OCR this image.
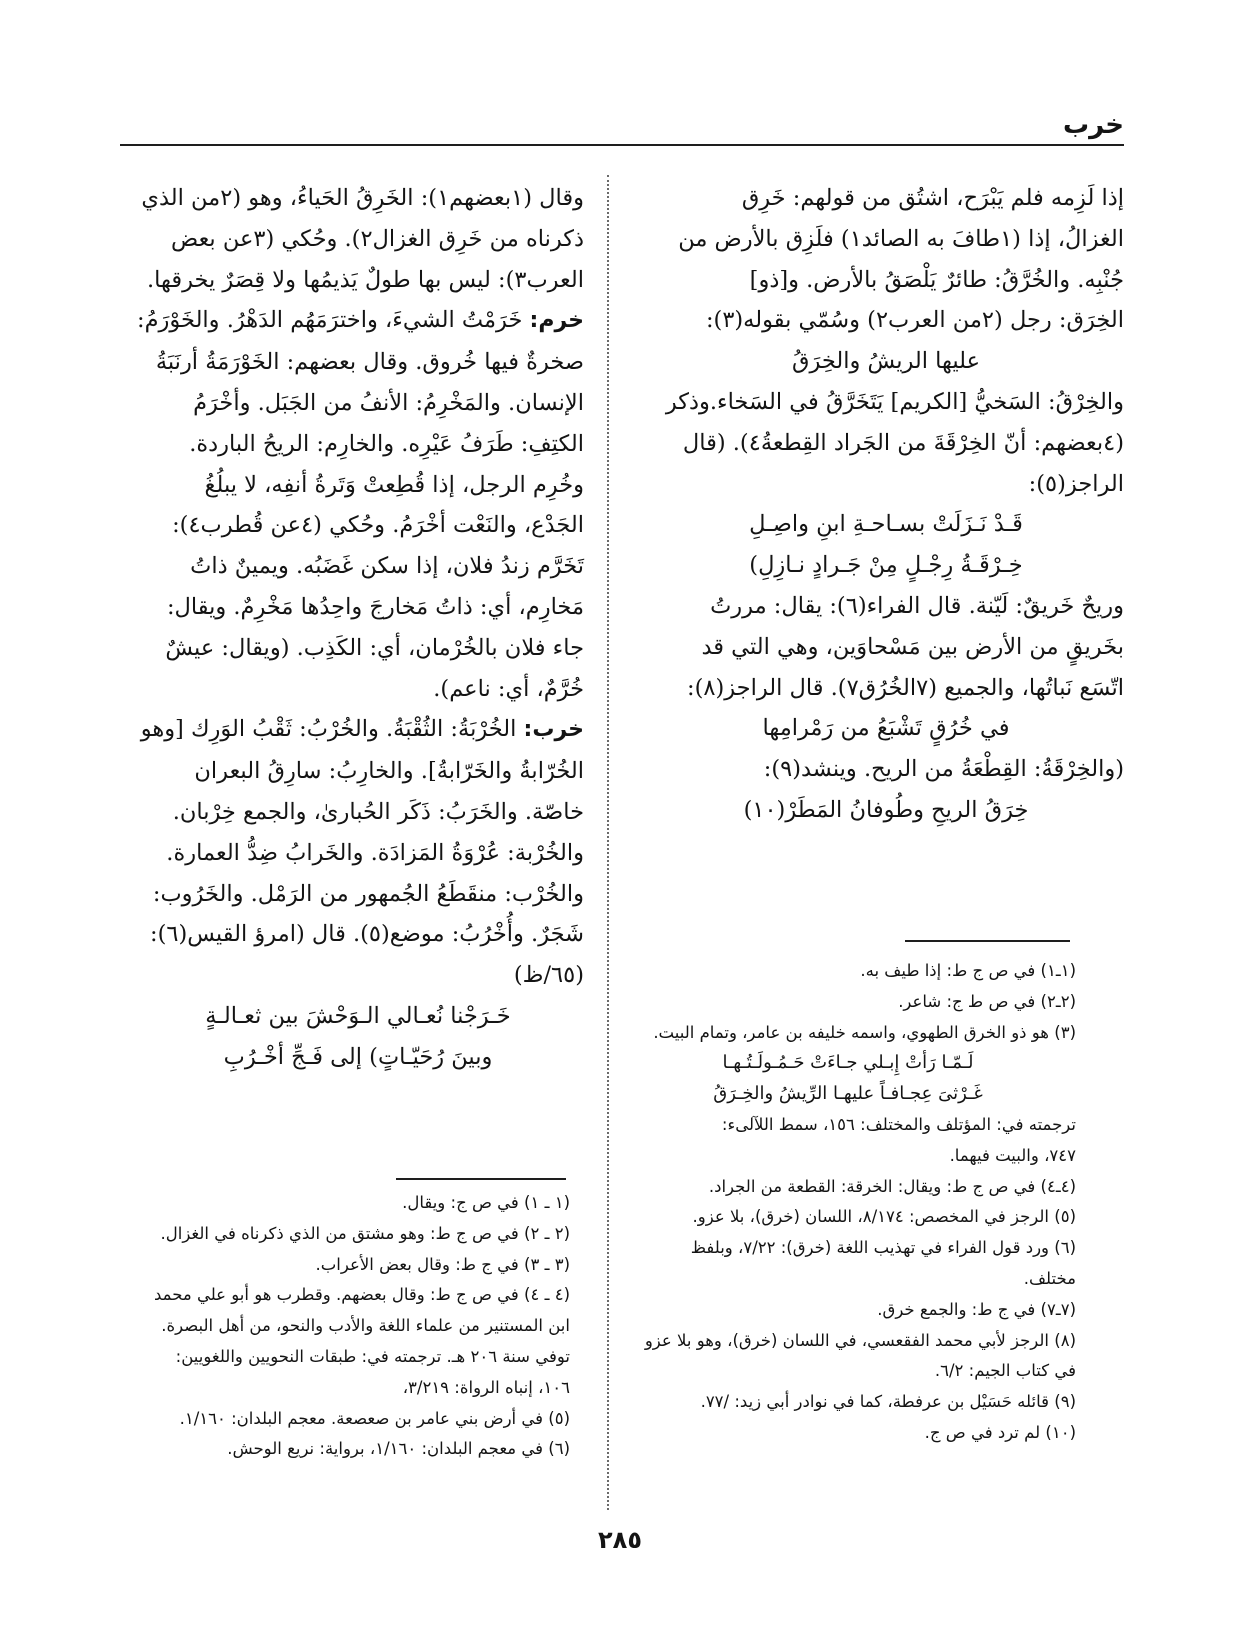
خرب

إذا لَزِمه فلم يَبْرَح، اشتُق من قولهم: خَرِق

الغزالُ، إذا (١طافَ به الصائد١) فلَزِق بالأرض من

جُنْبِه. والخُرَّقُ: طائرٌ يَلْصَقُ بالأرض. و[ذو]

الخِرَق: رجل (٢من العرب٢) وسُمّي بقوله(٣):

عليها الريشُ والخِرَقُ

والخِرْقُ: السَخيُّ [الكريم] يَتَخَرَّقُ في السَخاء.وذكر

(٤بعضهم: أنّ الخِرْقَةَ من الجَراد القِطعةُ٤). (قال

الراجز(٥):

قَـدْ نَـزَلَتْ بسـاحـةِ ابنِ واصِـلِ

خِـرْقَـةُ رِجْـلٍ مِنْ جَـرادٍ نـازِلِ)

وريحٌ خَريقٌ: لَيّنة. قال الفراء(٦): يقال: مررتُ

بخَريقٍ من الأرض بين مَسْحاوَين، وهي التي قد

اتّسَع نَباتُها، والجميع (٧الخُرُق٧). قال الراجز(٨):

في خُرُقٍ تَشْبَعُ من رَمْرامِها

(والخِرْقَةُ: القِطْعَةُ من الريح. وينشد(٩):

خِرَقُ الريحِ وطُوفانُ المَطَرْ(١٠)

(١ـ١) في ص ج ط: إذا طيف به.

(٢ـ٢) في ص ط ج: شاعر.

(٣) هو ذو الخرق الطهوي، واسمه خليفه بن عامر، وتمام البيت.

لَـمّـا رَأتْ إِبـلي جـاءَتْ حَـمُـولَـتُـهـا

غَـرْثىَ عِجـافـاً عليهـا الرِّيشُ والخِـرَقُ

ترجمته في: المؤتلف والمختلف: ١٥٦، سمط اللآلىء:

٧٤٧، والبيت فيهما.

(٤ـ٤) في ص ج ط: ويقال: الخرقة: القطعة من الجراد.

(٥) الرجز في المخصص: ٨/١٧٤، اللسان (خرق)، بلا عزو.

(٦) ورد قول الفراء في تهذيب اللغة (خرق): ٧/٢٢، وبلفظ

مختلف.

(٧ـ٧) في ج ط: والجمع خرق.

(٨) الرجز لأبي محمد الفقعسي، في اللسان (خرق)، وهو بلا عزو

في كتاب الجيم: ٦/٢.

(٩) قائله حَسَيْل بن عرفطة، كما في نوادر أبي زيد: /٧٧.

(١٠) لم ترد في ص ج.

وقال (١بعضهم١): الخَرِقُ الحَياءُ، وهو (٢من الذي

ذكرناه من خَرِق الغزال٢). وحُكي (٣عن بعض

العرب٣): ليس بها طولٌ يَذيمُها ولا قِصَرٌ يخرقها.

خرم: خَرَمْتُ الشيءَ، واخترَمَهُم الدَهْرُ. والخَوْرَمُ:

صخرةٌ فيها خُروق. وقال بعضهم: الخَوْرَمَةُ أرنَبَةُ

الإنسان. والمَخْرِمُ: الأنفُ من الجَبَل. وأخْرَمُ

الكتِفِ: طَرَفُ عَيْرِه. والخارِم: الريحُ الباردة.

وخُرِم الرجل، إذا قُطِعتْ وَتَرةُ أنفِه، لا يبلُغُ

الجَدْع، والنَعْت أخْرَمُ. وحُكي (٤عن قُطرب٤):

تَخَرَّم زندُ فلان، إذا سكن غَضَبُه. ويمينٌ ذاتُ

مَخارِم، أي: ذاتُ مَخارجَ واحِدُها مَخْرِمٌ. ويقال:

جاء فلان بالخُرْمان، أي: الكَذِب. (ويقال: عيشٌ

خُرَّمٌ، أي: ناعم).

خرب: الخُرْبَةُ: الثُقْبَةُ. والخُرْبُ: ثَقْبُ الوَرِك [وهو

الخُرّابةُ والخَرّابةُ]. والخارِبُ: سارِقُ البعران

خاصّة. والخَرَبُ: ذَكَر الحُبارىٰ، والجمع خِرْبان.

والخُرْبة: عُرْوَةُ المَزادَة. والخَرابُ ضِدُّ العمارة.

والخُرْب: منقَطَعُ الجُمهور من الرَمْل. والخَرُوب:

شَجَرٌ. وأُخْرُبُ: موضع(٥). قال (امرؤ القيس(٦):

(٦٥/ظ)

خَـرَجْنا نُعـالي الـوَحْشَ بين ثعـالـةٍ

وبينَ رُحَيّـاتٍ) إلى فَـجِّ أخْـرُبِ

(١ ـ ١) في ص ج: ويقال.

(٢ ـ ٢) في ص ج ط: وهو مشتق من الذي ذكرناه في الغزال.

(٣ ـ ٣) في ج ط: وقال بعض الأعراب.

(٤ ـ ٤) في ص ج ط: وقال بعضهم. وقطرب هو أبو علي محمد

ابن المستنير من علماء اللغة والأدب والنحو، من أهل البصرة.

توفي سنة ٢٠٦ هـ. ترجمته في: طبقات النحويين واللغويين:

١٠٦، إنباه الرواة: ٣/٢١٩،

(٥) في أرض بني عامر بن صعصعة. معجم البلدان: ١/١٦٠.

(٦) في معجم البلدان: ١/١٦٠، برواية: نريع الوحش.

٢٨٥
